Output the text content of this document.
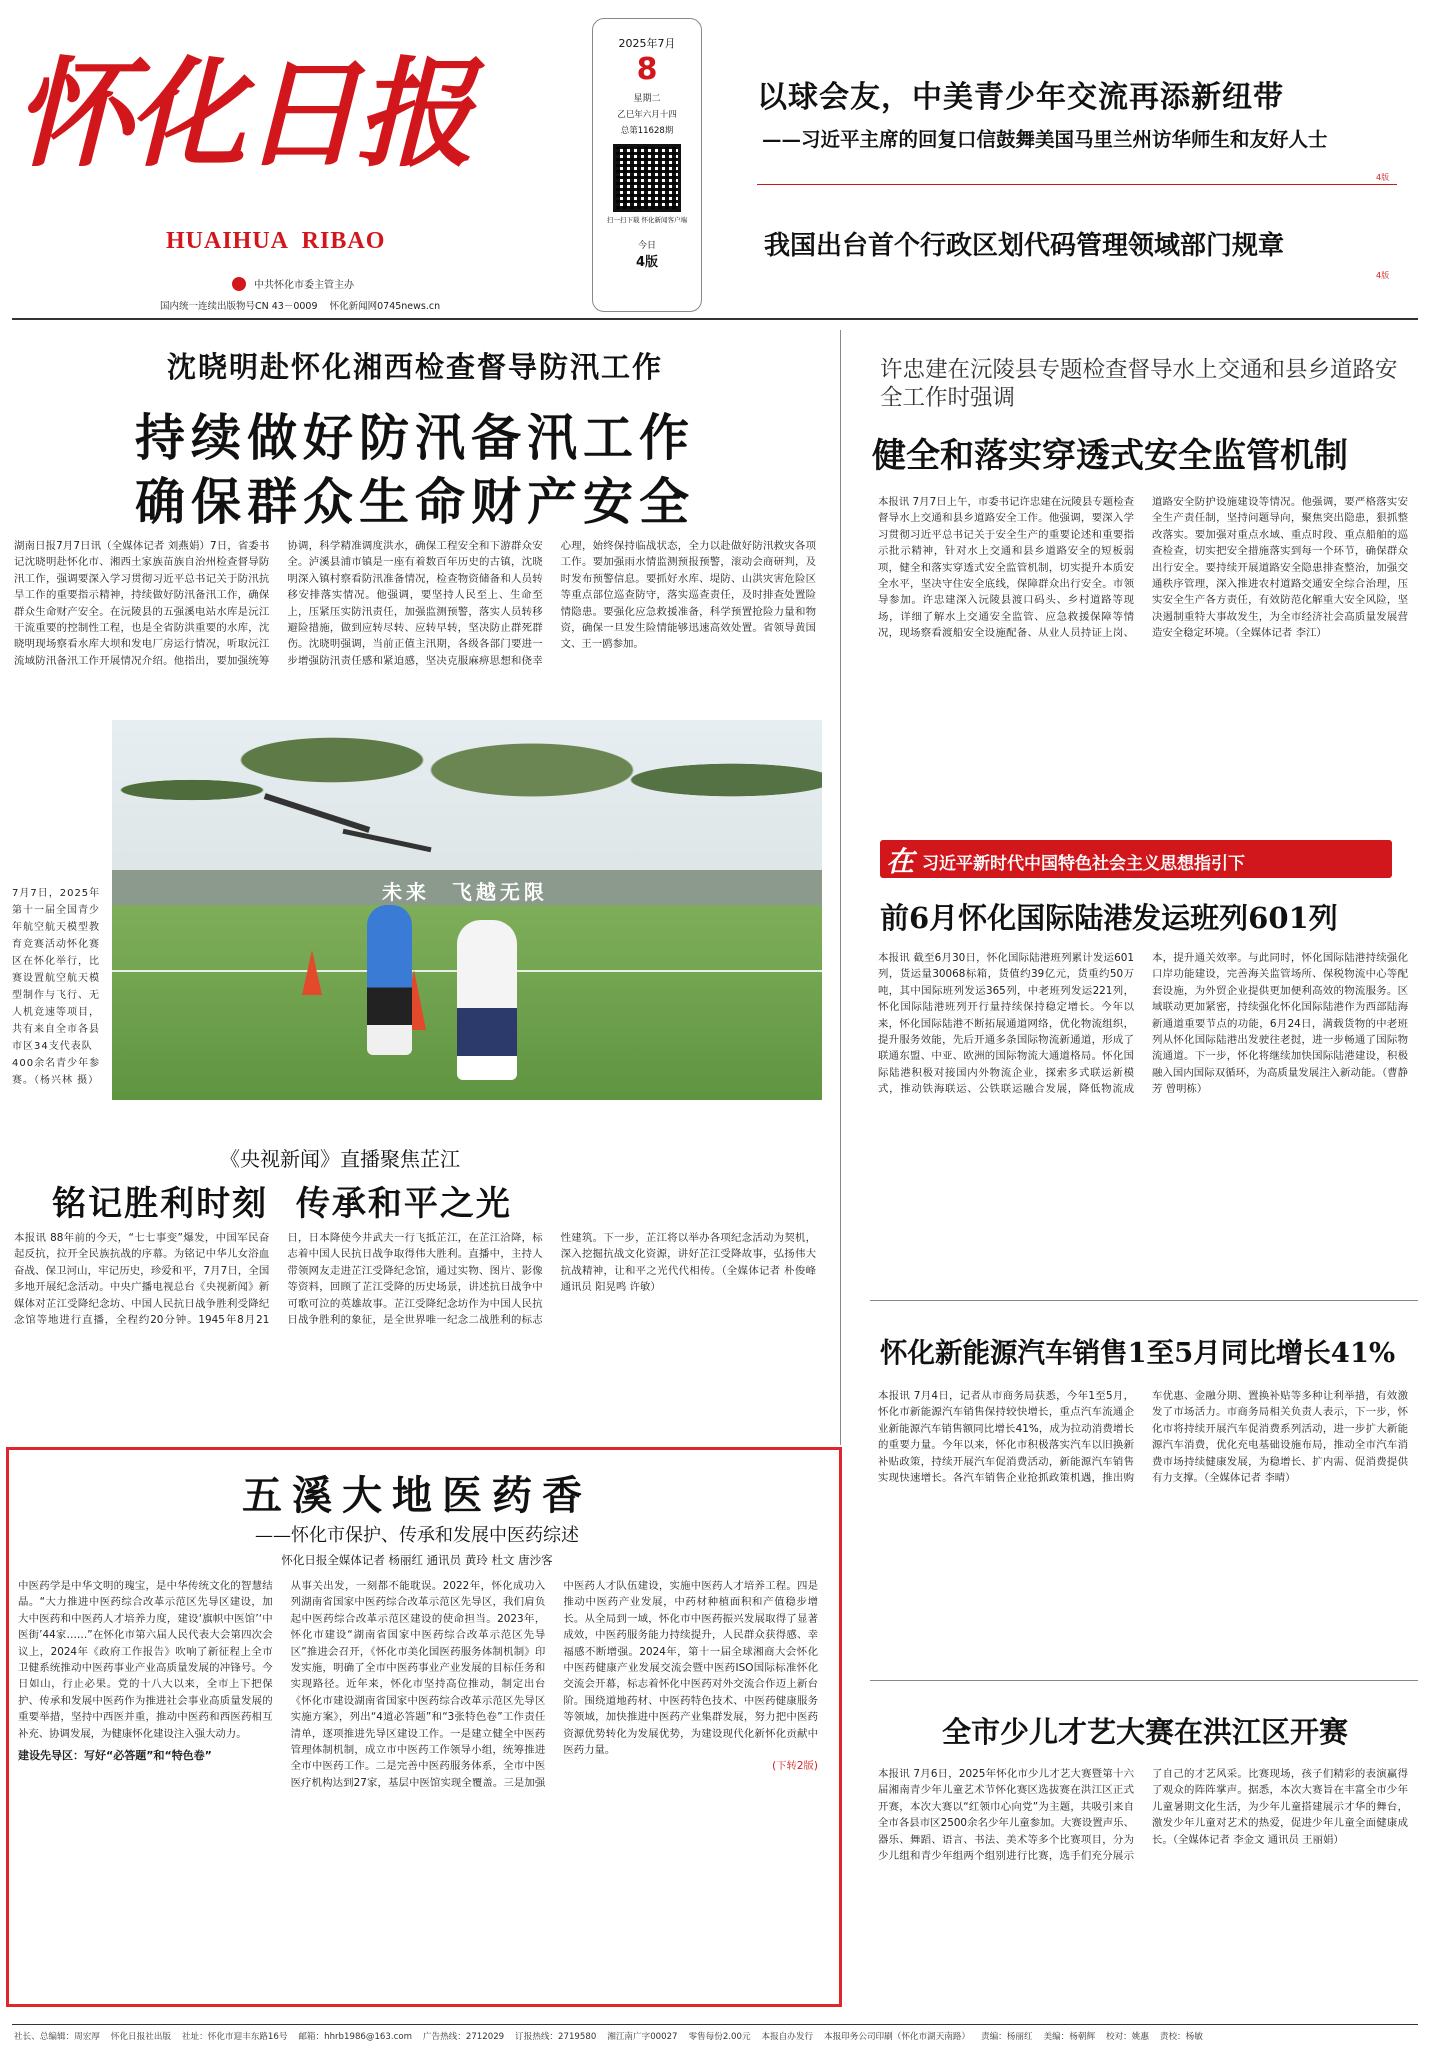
怀化日报
HUAIHUA  RIBAO
中共怀化市委主管主办
国内统一连续出版物号CN 43－0009    怀化新闻网0745news.cn
2025年7月
8
星期二
乙巳年六月十四
总第11628期
扫一扫下载 怀化新闻客户端
今日
4版
以球会友，中美青少年交流再添新纽带
——习近平主席的回复口信鼓舞美国马里兰州访华师生和友好人士
4版
我国出台首个行政区划代码管理领域部门规章
4版
沈晓明赴怀化湘西检查督导防汛工作
持续做好防汛备汛工作
确保群众生命财产安全
湖南日报7月7日讯（全媒体记者 刘燕娟）7日，省委书记沈晓明赴怀化市、湘西土家族苗族自治州检查督导防汛工作，强调要深入学习贯彻习近平总书记关于防汛抗旱工作的重要指示精神，持续做好防汛备汛工作，确保群众生命财产安全。在沅陵县的五强溪电站水库是沅江干流重要的控制性工程，也是全省防洪重要的水库，沈晓明现场察看水库大坝和发电厂房运行情况，听取沅江流域防汛备汛工作开展情况介绍。他指出，要加强统筹协调，科学精准调度洪水，确保工程安全和下游群众安全。泸溪县浦市镇是一座有着数百年历史的古镇，沈晓明深入镇村察看防汛准备情况，检查物资储备和人员转移安排落实情况。他强调，要坚持人民至上、生命至上，压紧压实防汛责任，加强监测预警，落实人员转移避险措施，做到应转尽转、应转早转，坚决防止群死群伤。沈晓明强调，当前正值主汛期，各级各部门要进一步增强防汛责任感和紧迫感，坚决克服麻痹思想和侥幸心理，始终保持临战状态，全力以赴做好防汛救灾各项工作。要加强雨水情监测预报预警，滚动会商研判，及时发布预警信息。要抓好水库、堤防、山洪灾害危险区等重点部位巡查防守，落实巡查责任，及时排查处置险情隐患。要强化应急救援准备，科学预置抢险力量和物资，确保一旦发生险情能够迅速高效处置。省领导黄国文、王一鸥参加。
7月7日，2025年第十一届全国青少年航空航天模型教育竞赛活动怀化赛区在怀化举行，比赛设置航空航天模型制作与飞行、无人机竞速等项目，共有来自全市各县市区34支代表队400余名青少年参赛。（杨兴林 摄）
未来  飞越无限
《央视新闻》直播聚焦芷江
铭记胜利时刻  传承和平之光
本报讯 88年前的今天，“七七事变”爆发，中国军民奋起反抗，拉开全民族抗战的序幕。为铭记中华儿女浴血奋战、保卫河山，牢记历史，珍爱和平，7月7日，全国多地开展纪念活动。中央广播电视总台《央视新闻》新媒体对芷江受降纪念坊、中国人民抗日战争胜利受降纪念馆等地进行直播，全程约20分钟。1945年8月21日，日本降使今井武夫一行飞抵芷江，在芷江洽降，标志着中国人民抗日战争取得伟大胜利。直播中，主持人带领网友走进芷江受降纪念馆，通过实物、图片、影像等资料，回顾了芷江受降的历史场景，讲述抗日战争中可歌可泣的英雄故事。芷江受降纪念坊作为中国人民抗日战争胜利的象征，是全世界唯一纪念二战胜利的标志性建筑。下一步，芷江将以举办各项纪念活动为契机，深入挖掘抗战文化资源，讲好芷江受降故事，弘扬伟大抗战精神，让和平之光代代相传。（全媒体记者 朴俊峰 通讯员 阳晃鸣 许敏）
五溪大地医药香
——怀化市保护、传承和发展中医药综述
怀化日报全媒体记者 杨丽红 通讯员 黄玲 杜文 唐沙客
中医药学是中华文明的瑰宝，是中华传统文化的智慧结晶。“大力推进中医药综合改革示范区先导区建设，加大中医药和中医药人才培养力度，建设‘旗帜中医馆’‘中医街’44家……”在怀化市第六届人民代表大会第四次会议上，2024年《政府工作报告》吹响了新征程上全市卫健系统推动中医药事业产业高质量发展的冲锋号。今日如山，行止必果。党的十八大以来，全市上下把保护、传承和发展中医药作为推进社会事业高质量发展的重要举措，坚持中西医并重，推动中医药和西医药相互补充、协调发展，为健康怀化建设注入强大动力。
建设先导区：写好“必答题”和“特色卷”
从事关出发，一刻都不能耽误。2022年，怀化成功入列湖南省国家中医药综合改革示范区先导区，我们肩负起中医药综合改革示范区建设的使命担当。2023年，怀化市建设“湖南省国家中医药综合改革示范区先导区”推进会召开，《怀化市美化国医药服务体制机制》印发实施，明确了全市中医药事业产业发展的目标任务和实现路径。近年来，怀化市坚持高位推动，制定出台《怀化市建设湖南省国家中医药综合改革示范区先导区实施方案》，列出“4道必答题”和“3张特色卷”工作责任清单，逐项推进先导区建设工作。一是建立健全中医药管理体制机制，成立市中医药工作领导小组，统筹推进全市中医药工作。二是完善中医药服务体系，全市中医医疗机构达到27家，基层中医馆实现全覆盖。三是加强中医药人才队伍建设，实施中医药人才培养工程。四是推动中医药产业发展，中药材种植面积和产值稳步增长。从全局到一域，怀化市中医药振兴发展取得了显著成效，中医药服务能力持续提升，人民群众获得感、幸福感不断增强。2024年，第十一届全球湘商大会怀化中医药健康产业发展交流会暨中医药ISO国际标准怀化交流会开幕，标志着怀化中医药对外交流合作迈上新台阶。围绕道地药材、中医药特色技术、中医药健康服务等领域，加快推进中医药产业集群发展，努力把中医药资源优势转化为发展优势，为建设现代化新怀化贡献中医药力量。
(下转2版)
许忠建在沅陵县专题检查督导水上交通和县乡道路安全工作时强调
健全和落实穿透式安全监管机制
本报讯 7月7日上午，市委书记许忠建在沅陵县专题检查督导水上交通和县乡道路安全工作。他强调，要深入学习贯彻习近平总书记关于安全生产的重要论述和重要指示批示精神，针对水上交通和县乡道路安全的短板弱项，健全和落实穿透式安全监管机制，切实提升本质安全水平，坚决守住安全底线，保障群众出行安全。市领导参加。许忠建深入沅陵县渡口码头、乡村道路等现场，详细了解水上交通安全监管、应急救援保障等情况，现场察看渡船安全设施配备、从业人员持证上岗、道路安全防护设施建设等情况。他强调，要严格落实安全生产责任制，坚持问题导向，聚焦突出隐患，狠抓整改落实。要加强对重点水域、重点时段、重点船舶的巡查检查，切实把安全措施落实到每一个环节，确保群众出行安全。要持续开展道路安全隐患排查整治，加强交通秩序管理，深入推进农村道路交通安全综合治理，压实安全生产各方责任，有效防范化解重大安全风险，坚决遏制重特大事故发生，为全市经济社会高质量发展营造安全稳定环境。（全媒体记者 李江）
在 习近平新时代中国特色社会主义思想指引下
前6月怀化国际陆港发运班列601列
本报讯 截至6月30日，怀化国际陆港班列累计发运601列，货运量30068标箱，货值约39亿元，货重约50万吨，其中国际班列发运365列，中老班列发运221列，怀化国际陆港班列开行量持续保持稳定增长。今年以来，怀化国际陆港不断拓展通道网络，优化物流组织，提升服务效能，先后开通多条国际物流新通道，形成了联通东盟、中亚、欧洲的国际物流大通道格局。怀化国际陆港积极对接国内外物流企业，探索多式联运新模式，推动铁海联运、公铁联运融合发展，降低物流成本，提升通关效率。与此同时，怀化国际陆港持续强化口岸功能建设，完善海关监管场所、保税物流中心等配套设施，为外贸企业提供更加便利高效的物流服务。区域联动更加紧密，持续强化怀化国际陆港作为西部陆海新通道重要节点的功能，6月24日，满载货物的中老班列从怀化国际陆港出发驶往老挝，进一步畅通了国际物流通道。下一步，怀化将继续加快国际陆港建设，积极融入国内国际双循环，为高质量发展注入新动能。（曹静芳 曾明栋）
怀化新能源汽车销售1至5月同比增长41%
本报讯 7月4日，记者从市商务局获悉，今年1至5月，怀化市新能源汽车销售保持较快增长，重点汽车流通企业新能源汽车销售额同比增长41%，成为拉动消费增长的重要力量。今年以来，怀化市积极落实汽车以旧换新补贴政策，持续开展汽车促消费活动，新能源汽车销售实现快速增长。各汽车销售企业抢抓政策机遇，推出购车优惠、金融分期、置换补贴等多种让利举措，有效激发了市场活力。市商务局相关负责人表示，下一步，怀化市将持续开展汽车促消费系列活动，进一步扩大新能源汽车消费，优化充电基础设施布局，推动全市汽车消费市场持续健康发展，为稳增长、扩内需、促消费提供有力支撑。（全媒体记者 李晴）
全市少儿才艺大赛在洪江区开赛
本报讯 7月6日，2025年怀化市少儿才艺大赛暨第十六届湘南青少年儿童艺术节怀化赛区选拔赛在洪江区正式开赛，本次大赛以“红领巾心向党”为主题，共吸引来自全市各县市区2500余名少年儿童参加。大赛设置声乐、器乐、舞蹈、语言、书法、美术等多个比赛项目，分为少儿组和青少年组两个组别进行比赛，选手们充分展示了自己的才艺风采。比赛现场，孩子们精彩的表演赢得了观众的阵阵掌声。据悉，本次大赛旨在丰富全市少年儿童暑期文化生活，为少年儿童搭建展示才华的舞台，激发少年儿童对艺术的热爱，促进少年儿童全面健康成长。（全媒体记者 李金文 通讯员 王丽娟）
社长、总编辑：周宏厚    怀化日报社出版    社址：怀化市迎丰东路16号    邮箱：hhrb1986@163.com    广告热线：2712029    订报热线：2719580    湘江南广字00027    零售每份2.00元    本报自办发行    本报印务公司印刷（怀化市湖天南路）    责编：杨丽红    美编：杨朝辉    校对：姚惠    责校：杨敏
